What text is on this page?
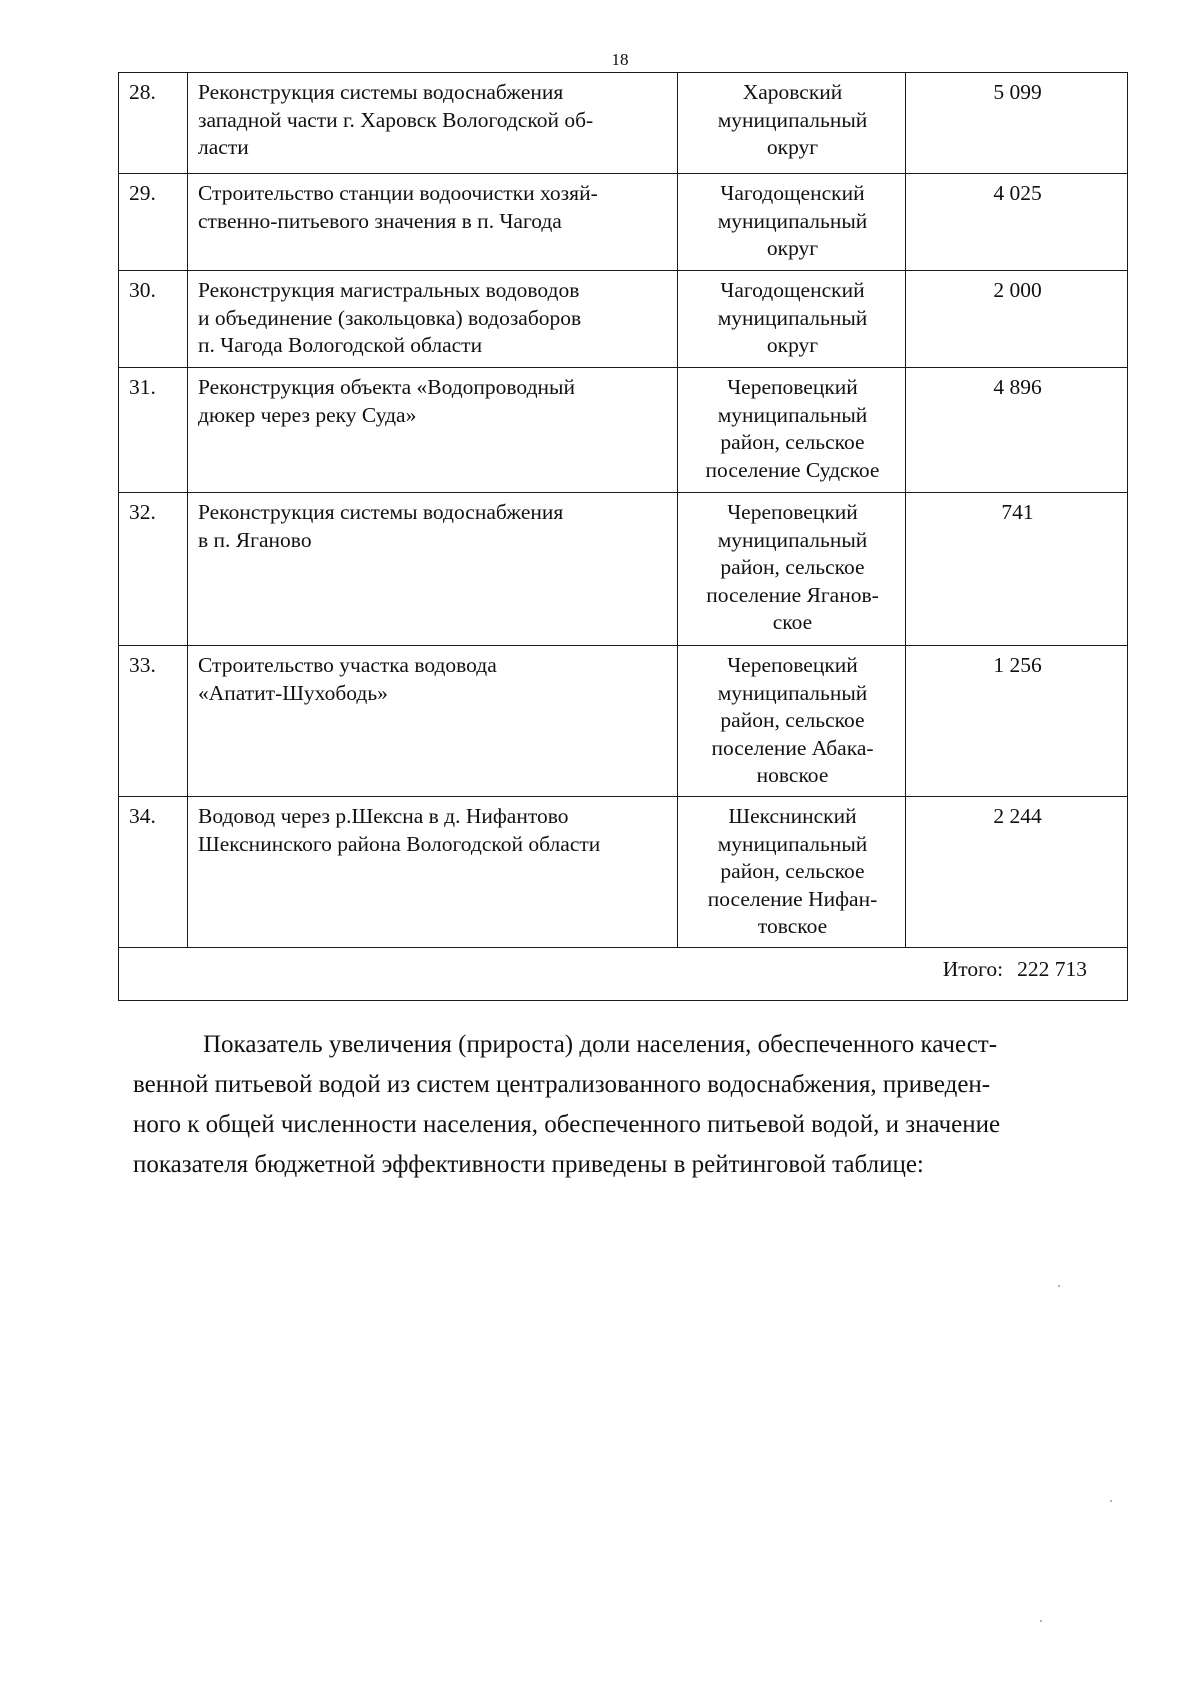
18
28.	Реконструкция системы водоснабжения
западной части г. Харовск Вологодской об-
ласти	Харовский
муниципальный
округ	5 099
29.	Строительство станции водоочистки хозяй-
ственно-питьевого значения в п. Чагода	Чагодощенский
муниципальный
округ	4 025
30.	Реконструкция магистральных водоводов
и объединение (закольцовка) водозаборов
п. Чагода Вологодской области	Чагодощенский
муниципальный
округ	2 000
31.	Реконструкция объекта «Водопроводный
дюкер через реку Суда»	Череповецкий
муниципальный
район, сельское
поселение Судское	4 896
32.	Реконструкция системы водоснабжения
в п. Ягановo	Череповецкий
муниципальный
район, сельское
поселение Яганов-
ское	741
33.	Строительство участка водовода
«Апатит-Шухободь»	Череповецкий
муниципальный
район, сельское
поселение Абака-
новское	1 256
34.	Водовод через р.Шексна в д. Нифантово
Шекснинского района Вологодской области	Шекснинский
муниципальный
район, сельское
поселение Нифан-
товское	2 244
Итого: 222 713			

Показатель увеличения (прироста) доли населения, обеспеченного качест-
венной питьевой водой из систем централизованного водоснабжения, приведен-
ного к общей численности населения, обеспеченного питьевой водой, и значение
показателя бюджетной эффективности приведены в рейтинговой таблице:
